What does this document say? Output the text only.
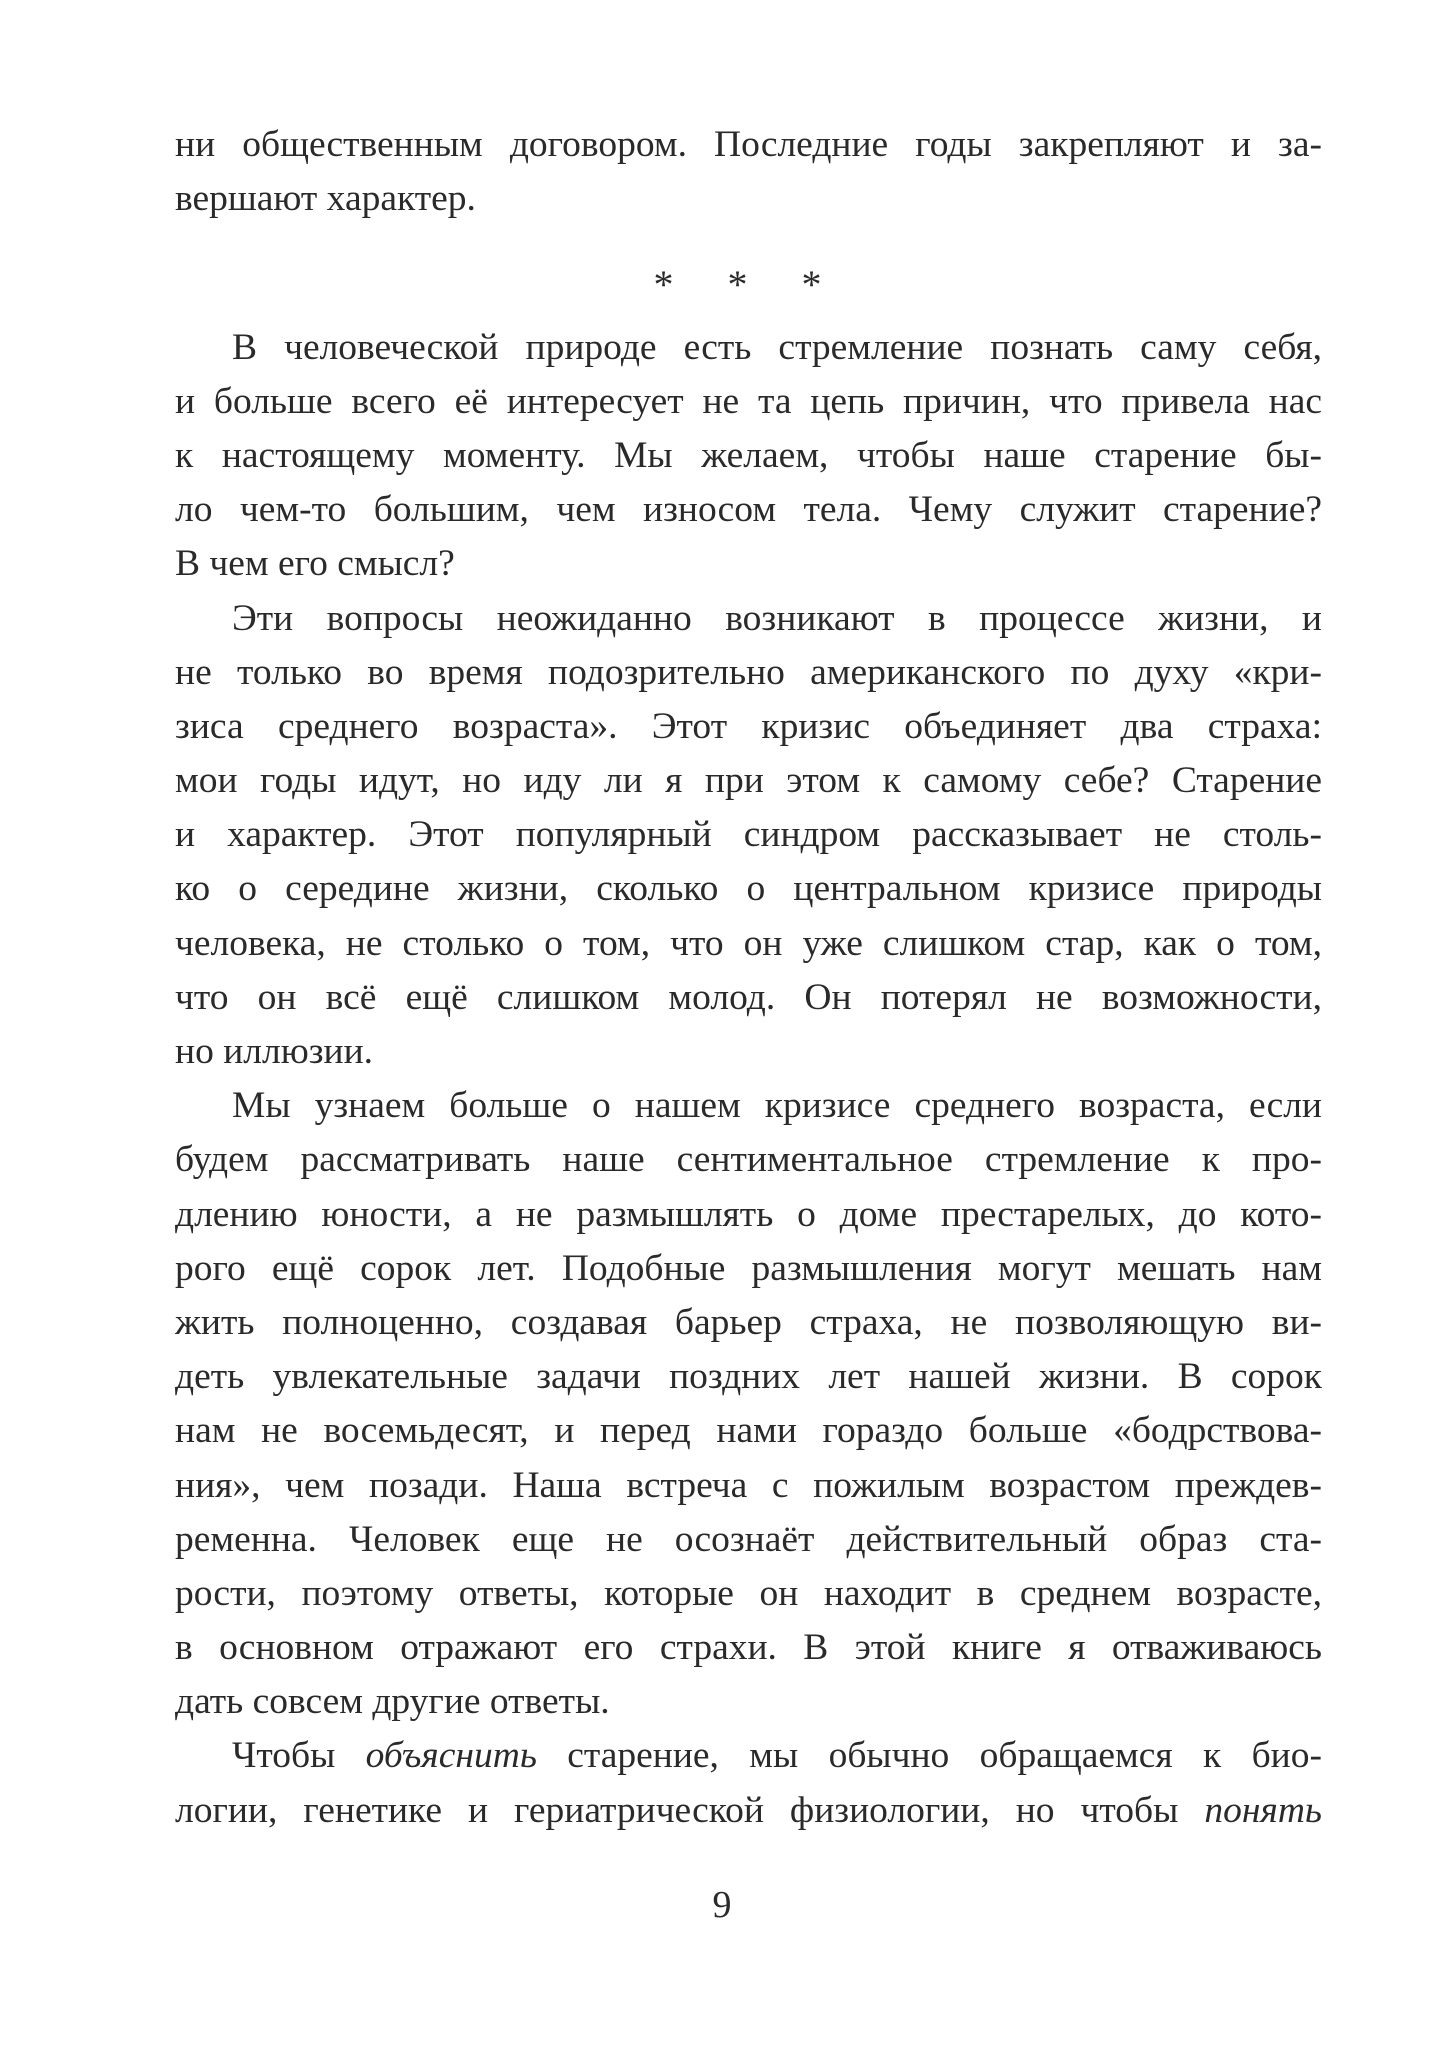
ни общественным договором. Последние годы закрепляют и за-
вершают характер.
В человеческой природе есть стремление познать саму себя,
и больше всего её интересует не та цепь причин, что привела нас
к настоящему моменту. Мы желаем, чтобы наше старение бы-
ло чем-то большим, чем износом тела. Чему служит старение?
В чем его смысл?
Эти вопросы неожиданно возникают в процессе жизни, и
не только во время подозрительно американского по духу «кри-
зиса среднего возраста». Этот кризис объединяет два страха:
мои годы идут, но иду ли я при этом к самому себе? Старение
и характер. Этот популярный синдром рассказывает не столь-
ко о середине жизни, сколько о центральном кризисе природы
человека, не столько о том, что он уже слишком стар, как о том,
что он всё ещё слишком молод. Он потерял не возможности,
но иллюзии.
Мы узнаем больше о нашем кризисе среднего возраста, если
будем рассматривать наше сентиментальное стремление к про-
длению юности, а не размышлять о доме престарелых, до кото-
рого ещё сорок лет. Подобные размышления могут мешать нам
жить полноценно, создавая барьер страха, не позволяющую ви-
деть увлекательные задачи поздних лет нашей жизни. В сорок
нам не восемьдесят, и перед нами гораздо больше «бодрствова-
ния», чем позади. Наша встреча с пожилым возрастом преждев-
ременна. Человек еще не осознаёт действительный образ ста-
рости, поэтому ответы, которые он находит в среднем возрасте,
в основном отражают его страхи. В этой книге я отваживаюсь
дать совсем другие ответы.
Чтобы объяснить старение, мы обычно обращаемся к био-
логии, генетике и гериатрической физиологии, но чтобы понять
* * *
9
